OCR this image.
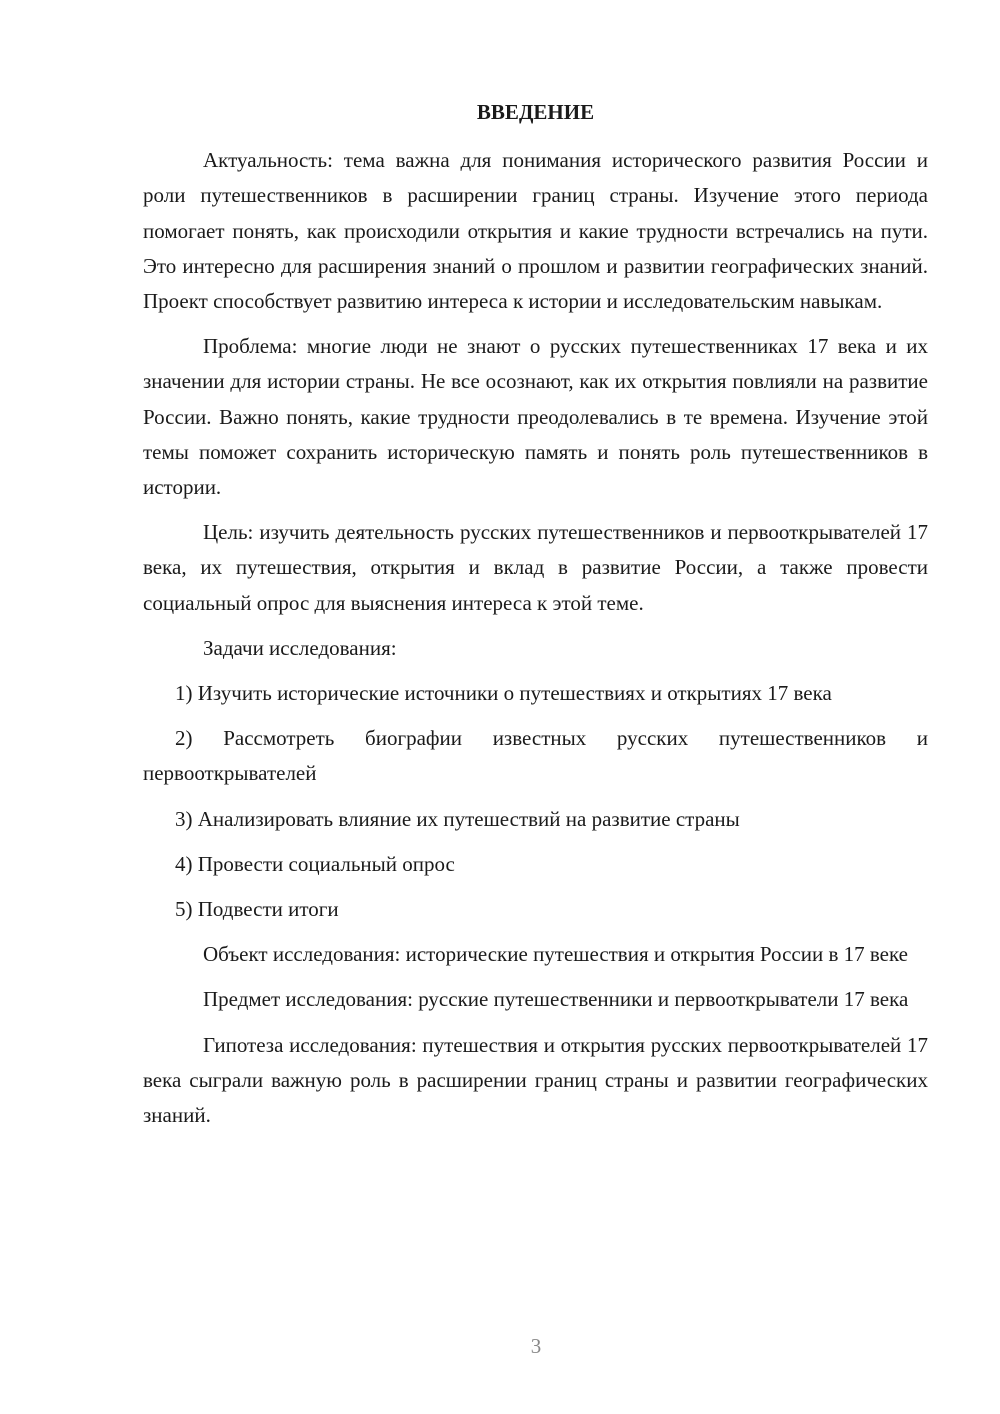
ВВЕДЕНИЕ

Актуальность: тема важна для понимания исторического развития России и роли путешественников в расширении границ страны. Изучение этого периода помогает понять, как происходили открытия и какие трудности встречались на пути. Это интересно для расширения знаний о прошлом и развитии географических знаний. Проект способствует развитию интереса к истории и исследовательским навыкам.

Проблема: многие люди не знают о русских путешественниках 17 века и их значении для истории страны. Не все осознают, как их открытия повлияли на развитие России. Важно понять, какие трудности преодолевались в те времена. Изучение этой темы поможет сохранить историческую память и понять роль путешественников в истории.

Цель: изучить деятельность русских путешественников и первооткрывателей 17 века, их путешествия, открытия и вклад в развитие России, а также провести социальный опрос для выяснения интереса к этой теме.

Задачи исследования:

1) Изучить исторические источники о путешествиях и открытиях 17 века

2) Рассмотреть биографии известных русских путешественников и первооткрывателей

3) Анализировать влияние их путешествий на развитие страны

4) Провести социальный опрос

5) Подвести итоги

Объект исследования: исторические путешествия и открытия России в 17 веке

Предмет исследования: русские путешественники и первооткрыватели 17 века

Гипотеза исследования: путешествия и открытия русских первооткрывателей 17 века сыграли важную роль в расширении границ страны и развитии географических знаний.

3
